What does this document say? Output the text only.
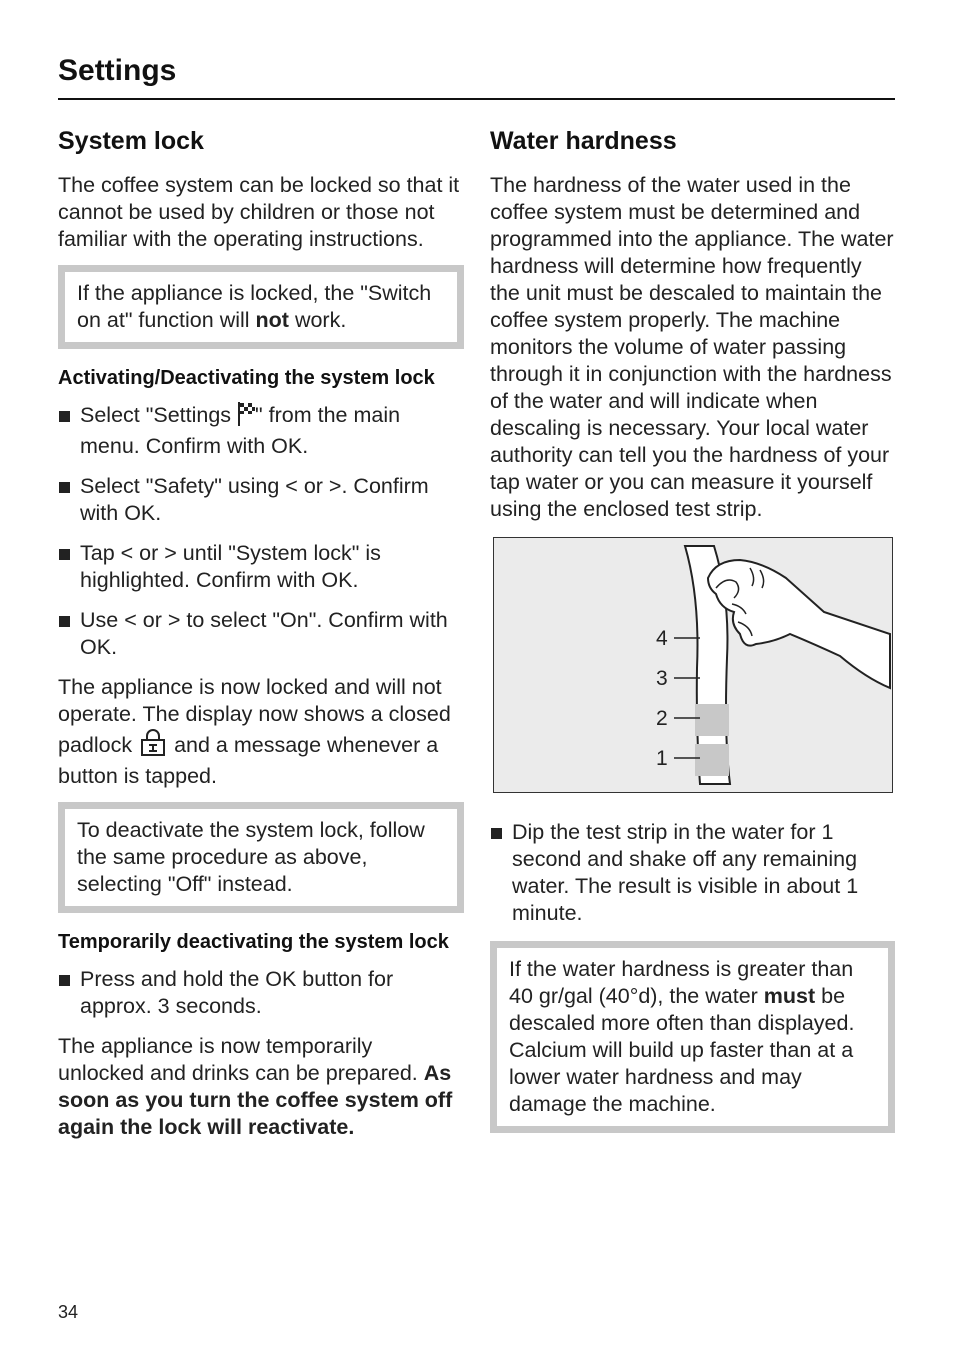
Settings
System lock

The coffee system can be locked so that it cannot be used by children or those not familiar with the operating instructions.

If the appliance is locked, the "Switch on at" function will not work.
Activating/Deactivating the system lock
Select "Settings " from the main menu. Confirm with OK.
Select "Safety" using < or >. Confirm with OK.
Tap < or > until "System lock" is highlighted. Confirm with OK.
Use < or > to select "On". Confirm with OK.

The appliance is now locked and will not operate. The display now shows a closed padlock  and a message whenever a button is tapped.

To deactivate the system lock, follow the same procedure as above, selecting "Off" instead.
Temporarily deactivating the system lock
Press and hold the OK button for approx. 3 seconds.

The appliance is now temporarily unlocked and drinks can be prepared. As soon as you turn the coffee system off again the lock will reactivate.

Water hardness

The hardness of the water used in the coffee system must be determined and programmed into the appliance. The water hardness will determine how frequently the unit must be descaled to maintain the coffee system properly. The machine monitors the volume of water passing through it in conjunction with the hardness of the water and will indicate when descaling is necessary. Your local water authority can tell you the hardness of your tap water or you can measure it yourself using the enclosed test strip.

4
3
2
1
Dip the test strip in the water for 1 second and shake off any remaining water. The result is visible in about 1 minute.
If the water hardness is greater than 40 gr/gal (40°d), the water must be descaled more often than displayed. Calcium will build up faster than at a lower water hardness and may damage the machine.
34
